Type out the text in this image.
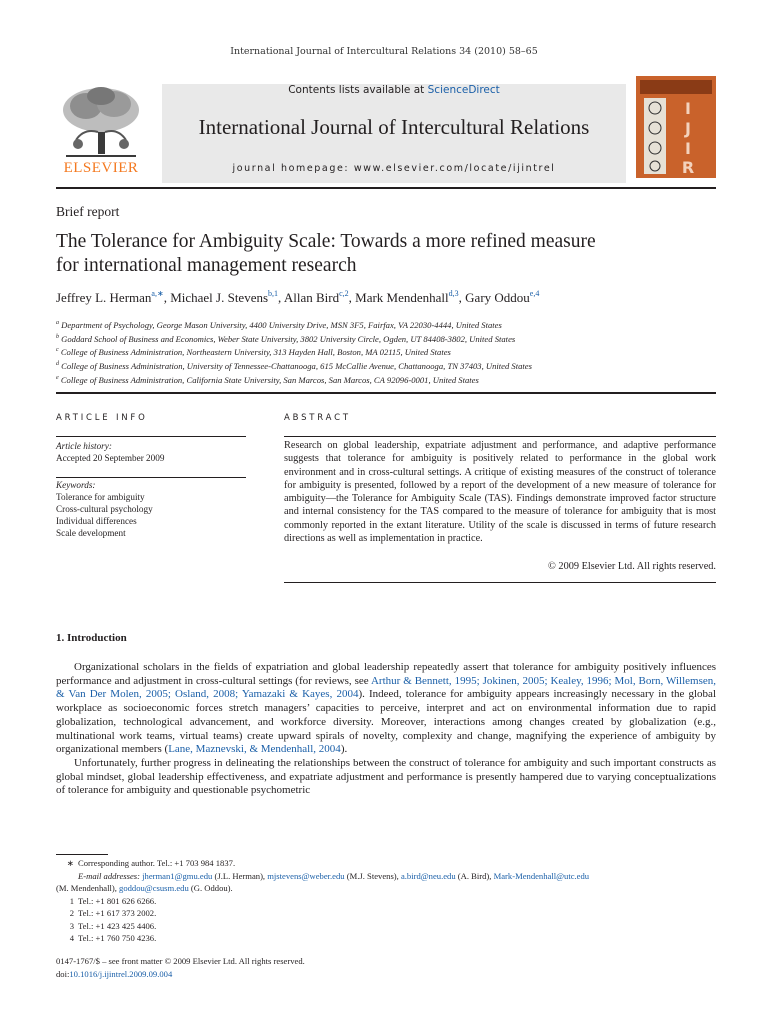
International Journal of Intercultural Relations 34 (2010) 58–65
Contents lists available at ScienceDirect
International Journal of Intercultural Relations
journal homepage: www.elsevier.com/locate/ijintrel
ELSEVIER
I
J
I
R
Brief report
The Tolerance for Ambiguity Scale: Towards a more refined measure
for international management research
Jeffrey L. Herman$^{a,∗}$, Michael J. Stevens$^{b,1}$, Allan Bird$^{c,2}$, Mark Mendenhall$^{d,3}$, Gary Oddou$^{e,4}$
$^a$ Department of Psychology, George Mason University, 4400 University Drive, MSN 3F5, Fairfax, VA 22030-4444, United States
$^b$ Goddard School of Business and Economics, Weber State University, 3802 University Circle, Ogden, UT 84408-3802, United States
$^c$ College of Business Administration, Northeastern University, 313 Hayden Hall, Boston, MA 02115, United States
$^d$ College of Business Administration, University of Tennessee-Chattanooga, 615 McCallie Avenue, Chattanooga, TN 37403, United States
$^e$ College of Business Administration, California State University, San Marcos, San Marcos, CA 92096-0001, United States
ARTICLE INFO
Article history:
Accepted 20 September 2009
Keywords:
Tolerance for ambiguity
Cross-cultural psychology
Individual differences
Scale development
ABSTRACT
Research on global leadership, expatriate adjustment and performance, and adaptive performance suggests that tolerance for ambiguity is positively related to performance in the global work environment and in cross-cultural settings. A critique of existing measures of the construct of tolerance for ambiguity is presented, followed by a report of the development of a new measure of tolerance for ambiguity—the Tolerance for Ambiguity Scale (TAS). Findings demonstrate improved factor structure and internal consistency for the TAS compared to the measure of tolerance for ambiguity that is most commonly reported in the extant literature. Utility of the scale is discussed in terms of future research directions as well as implementation in practice.
© 2009 Elsevier Ltd. All rights reserved.
1. Introduction

Organizational scholars in the fields of expatriation and global leadership repeatedly assert that tolerance for ambiguity positively influences performance and adjustment in cross-cultural settings (for reviews, see Arthur & Bennett, 1995; Jokinen, 2005; Kealey, 1996; Mol, Born, Willemsen, & Van Der Molen, 2005; Osland, 2008; Yamazaki & Kayes, 2004). Indeed, tolerance for ambiguity appears increasingly necessary in the global workplace as socioeconomic forces stretch managers’ capacities to perceive, interpret and act on environmental information due to rapid globalization, technological advancement, and workforce diversity. Moreover, interactions among changes created by globalization (e.g., multinational work teams, virtual teams) create upward spirals of novelty, complexity and change, magnifying the experience of ambiguity by organizational members (Lane, Maznevski, & Mendenhall, 2004).

Unfortunately, further progress in delineating the relationships between the construct of tolerance for ambiguity and such important constructs as global mindset, global leadership effectiveness, and expatriate adjustment and performance is presently hampered due to varying conceptualizations of tolerance for ambiguity and questionable psychometric

∗ Corresponding author. Tel.: +1 703 984 1837.
E-mail addresses: jherman1@gmu.edu (J.L. Herman), mjstevens@weber.edu (M.J. Stevens), a.bird@neu.edu (A. Bird), Mark-Mendenhall@utc.edu
(M. Mendenhall), goddou@csusm.edu (G. Oddou).
1 Tel.: +1 801 626 6266.
2 Tel.: +1 617 373 2002.
3 Tel.: +1 423 425 4406.
4 Tel.: +1 760 750 4236.
0147-1767/$ – see front matter © 2009 Elsevier Ltd. All rights reserved.
doi:10.1016/j.ijintrel.2009.09.004
